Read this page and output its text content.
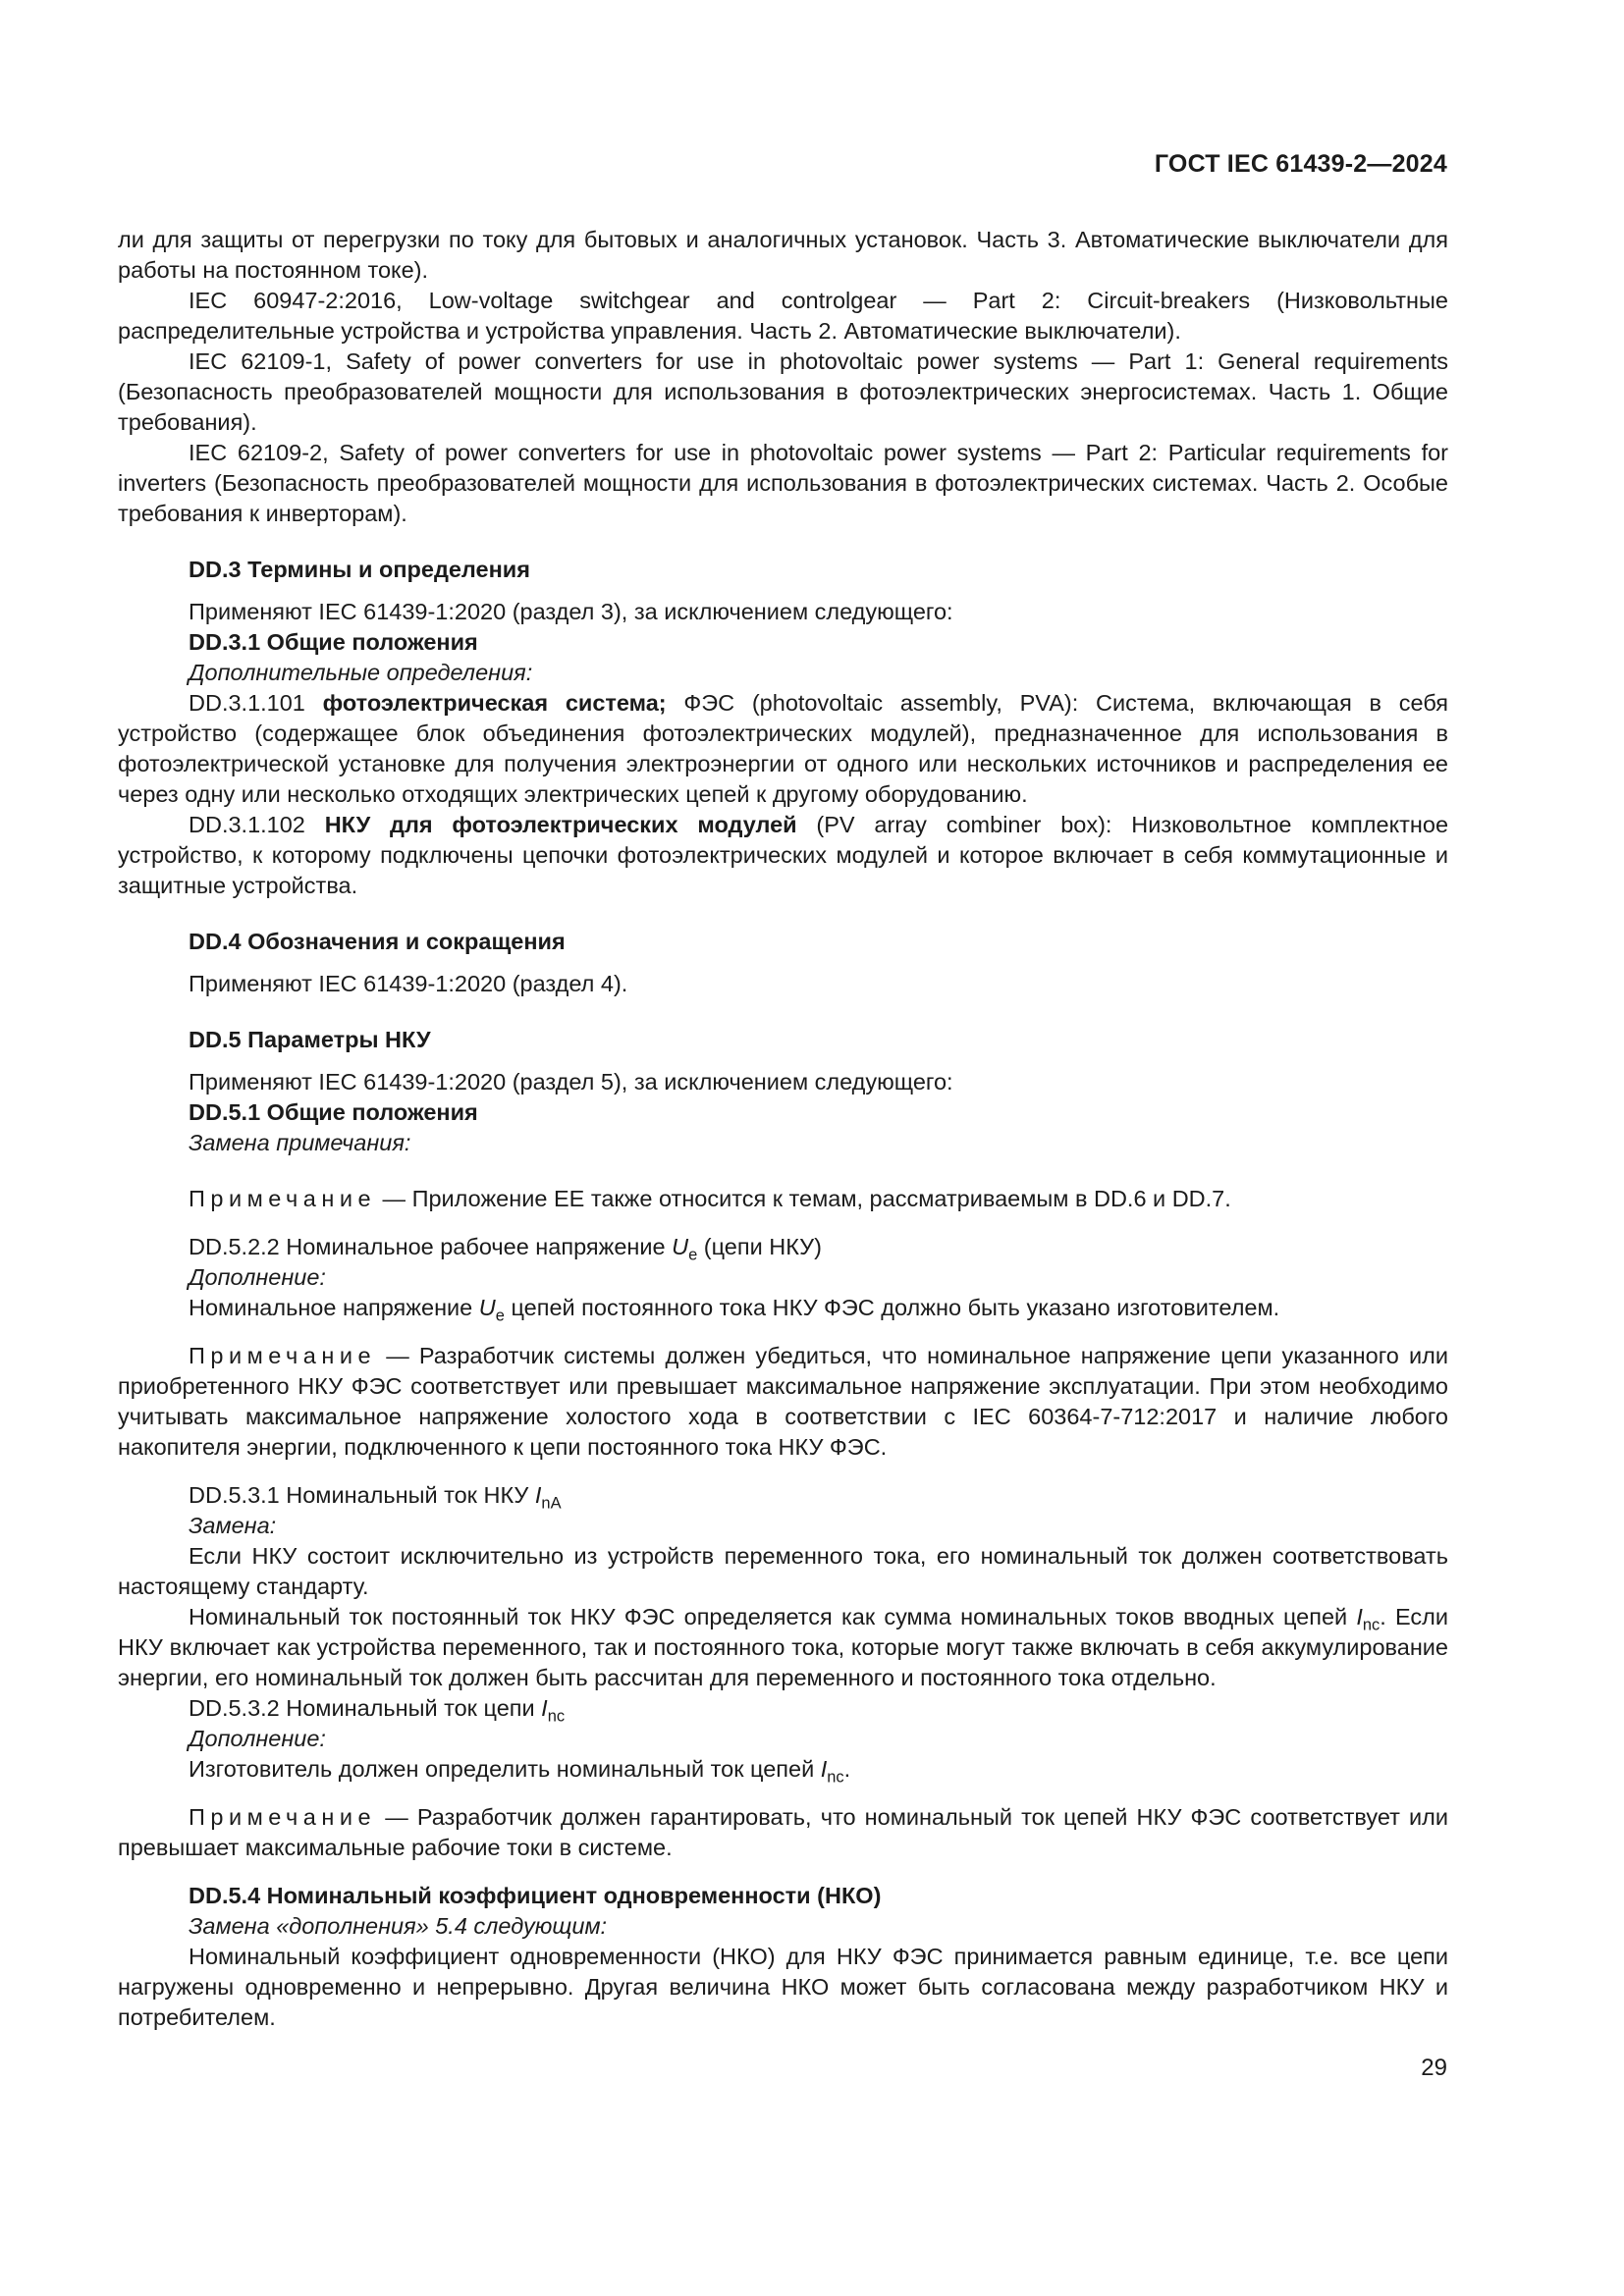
ГОСТ IEC 61439-2—2024

ли для защиты от перегрузки по току для бытовых и аналогичных установок. Часть 3. Автоматические выключатели для работы на постоянном токе).

IEC 60947-2:2016, Low-voltage switchgear and controlgear — Part 2: Circuit-breakers (Низковольтные распределительные устройства и устройства управления. Часть 2. Автоматические выключатели).

IEC 62109-1, Safety of power converters for use in photovoltaic power systems — Part 1: General requirements (Безопасность преобразователей мощности для использования в фотоэлектрических энергосистемах. Часть 1. Общие требования).

IEC 62109-2, Safety of power converters for use in photovoltaic power systems — Part 2: Particular requirements for inverters (Безопасность преобразователей мощности для использования в фотоэлектрических системах. Часть 2. Особые требования к инверторам).

DD.3 Термины и определения

Применяют IEC 61439-1:2020 (раздел 3), за исключением следующего:

DD.3.1 Общие положения

Дополнительные определения:

DD.3.1.101 фотоэлектрическая система; ФЭС (photovoltaic assembly, PVA): Система, включающая в себя устройство (содержащее блок объединения фотоэлектрических модулей), предназначенное для использования в фотоэлектрической установке для получения электроэнергии от одного или нескольких источников и распределения ее через одну или несколько отходящих электрических цепей к другому оборудованию.

DD.3.1.102 НКУ для фотоэлектрических модулей (PV array combiner box): Низковольтное комплектное устройство, к которому подключены цепочки фотоэлектрических модулей и которое включает в себя коммутационные и защитные устройства.

DD.4 Обозначения и сокращения

Применяют IEC 61439-1:2020 (раздел 4).

DD.5 Параметры НКУ

Применяют IEC 61439-1:2020 (раздел 5), за исключением следующего:

DD.5.1 Общие положения

Замена примечания:

Примечание — Приложение ЕЕ также относится к темам, рассматриваемым в DD.6 и DD.7.

DD.5.2.2 Номинальное рабочее напряжение $U_e$ (цепи НКУ)

Дополнение:

Номинальное напряжение $U_e$ цепей постоянного тока НКУ ФЭС должно быть указано изготовителем.

Примечание — Разработчик системы должен убедиться, что номинальное напряжение цепи указанного или приобретенного НКУ ФЭС соответствует или превышает максимальное напряжение эксплуатации. При этом необходимо учитывать максимальное напряжение холостого хода в соответствии с IEC 60364-7-712:2017 и наличие любого накопителя энергии, подключенного к цепи постоянного тока НКУ ФЭС.

DD.5.3.1 Номинальный ток НКУ $I_{nA}$

Замена:

Если НКУ состоит исключительно из устройств переменного тока, его номинальный ток должен соответствовать настоящему стандарту.

Номинальный ток постоянный ток НКУ ФЭС определяется как сумма номинальных токов вводных цепей $I_{nc}$. Если НКУ включает как устройства переменного, так и постоянного тока, которые могут также включать в себя аккумулирование энергии, его номинальный ток должен быть рассчитан для переменного и постоянного тока отдельно.

DD.5.3.2 Номинальный ток цепи $I_{nc}$

Дополнение:

Изготовитель должен определить номинальный ток цепей $I_{nc}$.

Примечание — Разработчик должен гарантировать, что номинальный ток цепей НКУ ФЭС соответствует или превышает максимальные рабочие токи в системе.

DD.5.4 Номинальный коэффициент одновременности (НКО)

Замена «дополнения» 5.4 следующим:

Номинальный коэффициент одновременности (НКО) для НКУ ФЭС принимается равным единице, т.е. все цепи нагружены одновременно и непрерывно. Другая величина НКО может быть согласована между разработчиком НКУ и потребителем.

29
